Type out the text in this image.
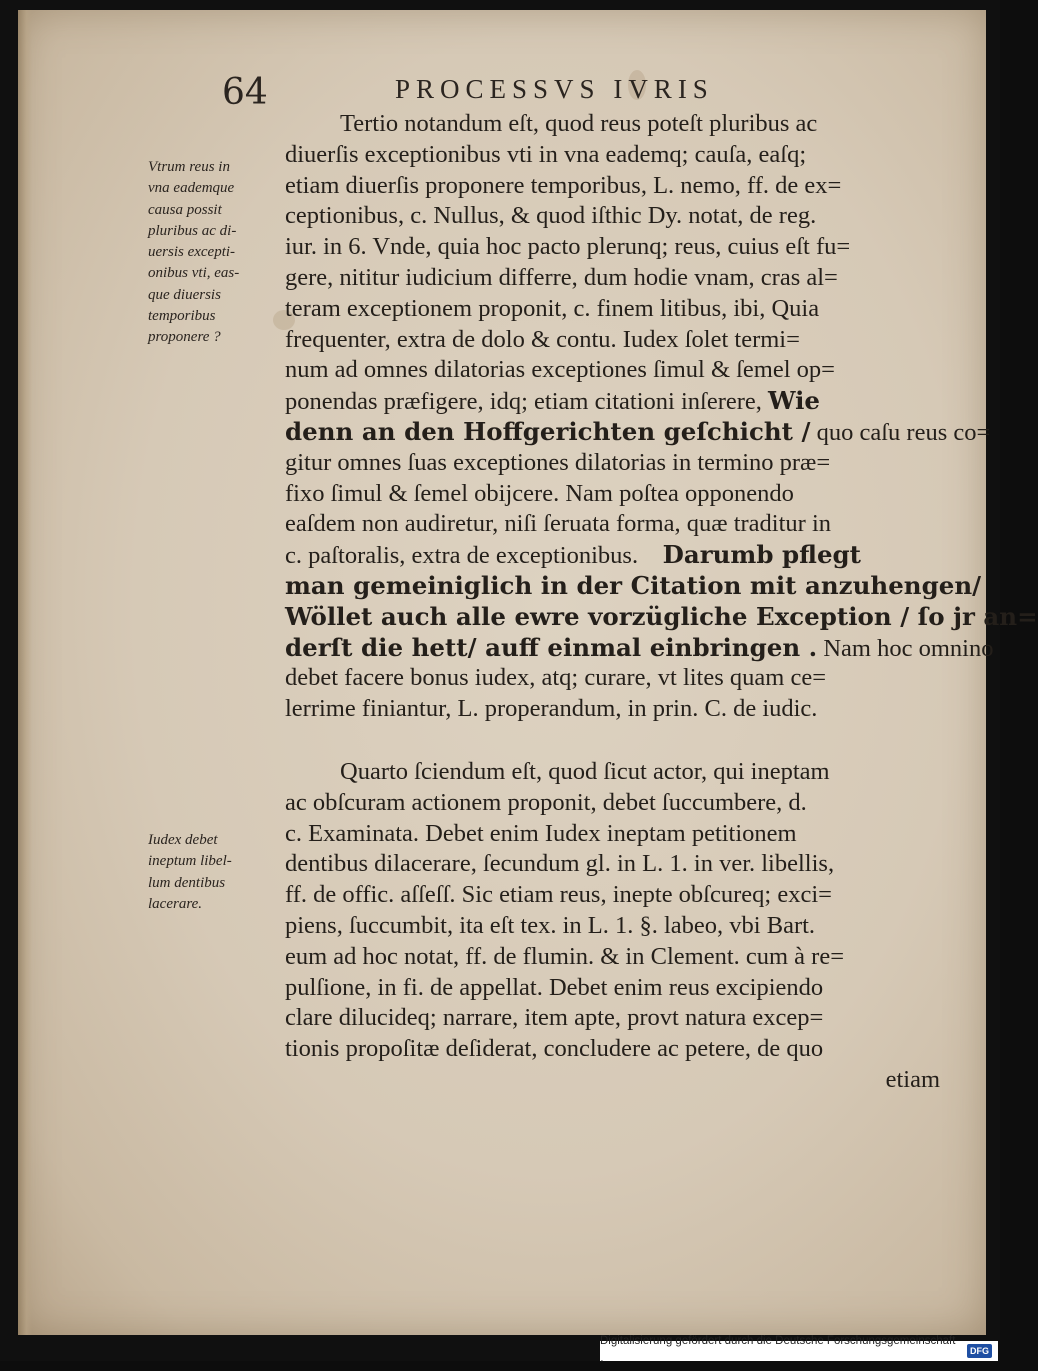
64	PROCESSVS IVRIS
Vtrum reus in
vna eademque
causa possit
pluribus ac di-
uersis excepti-
onibus vti, eas-
que diuersis
temporibus
proponere ?
Iudex debet
ineptum libel-
lum dentibus
lacerare.
Tertio notandum eſt, quod reus poteſt pluribus ac
diuerſis exceptionibus vti in vna eademq; cauſa, eaſq;
etiam diuerſis proponere temporibus, L. nemo, ff. de ex=
ceptionibus, c. Nullus, & quod iſthic Dy. notat, de reg.
iur. in 6. Vnde, quia hoc pacto plerunq; reus, cuius eſt fu=
gere, nititur iudicium differre, dum hodie vnam, cras al=
teram exceptionem proponit, c. finem litibus, ibi, Quia
frequenter, extra de dolo & contu. Iudex ſolet termi=
num ad omnes dilatorias exceptiones ſimul & ſemel op=
ponendas præfigere, idq; etiam citationi inſerere, Wie
denn an den Hoffgerichten geſchicht / quo caſu reus co=
gitur omnes ſuas exceptiones dilatorias in termino præ=
fixo ſimul & ſemel obijcere. Nam poſtea opponendo
eaſdem non audiretur, niſi ſeruata forma, quæ traditur in
c. paſtoralis, extra de exceptionibus. Darumb pflegt
man gemeiniglich in der Citation mit anzuhengen/
Wöllet auch alle ewre vorzügliche Exception / ſo jr an=
derſt die hett/ auff einmal einbringen . Nam hoc omnino
debet facere bonus iudex, atq; curare, vt lites quam ce=
lerrime finiantur, L. properandum, in prin. C. de iudic.
Quarto ſciendum eſt, quod ſicut actor, qui ineptam
ac obſcuram actionem proponit, debet ſuccumbere, d.
c. Examinata. Debet enim Iudex ineptam petitionem
dentibus dilacerare, ſecundum gl. in L. 1. in ver. libellis,
ff. de offic. aſſeſſ. Sic etiam reus, inepte obſcureq; exci=
piens, ſuccumbit, ita eſt tex. in L. 1. §. labeo, vbi Bart.
eum ad hoc notat, ff. de flumin. & in Clement. cum à re=
pulſione, in fi. de appellat. Debet enim reus excipiendo
clare dilucideq; narrare, item apte, provt natura excep=
tionis propoſitæ deſiderat, concludere ac petere, de quo
etiam
Digitalisierung gefördert durch die Deutsche Forschungsgemeinschaft ·
DFG
